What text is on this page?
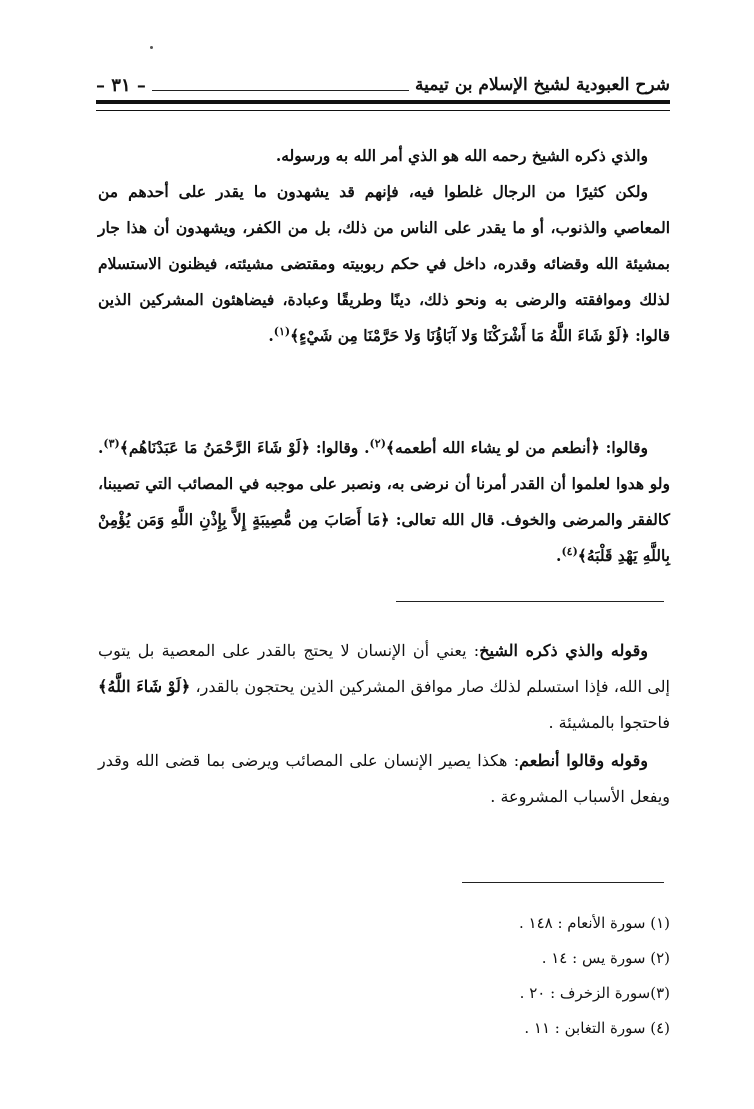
شرح العبودية لشيخ الإسلام بن تيمية
– ٣١ –

والذي ذكره الشيخ رحمه الله هو الذي أمر الله به ورسوله.

ولكن كثيرًا من الرجال غلطوا فيه، فإنهم قد يشهدون ما يقدر على أحدهم من المعاصي والذنوب، أو ما يقدر على الناس من ذلك، بل من الكفر، ويشهدون أن هذا جار بمشيئة الله وقضائه وقدره، داخل في حكم ربوبيته ومقتضى مشيئته، فيظنون الاستسلام لذلك وموافقته والرضى به ونحو ذلك، دينًا وطريقًا وعبادة، فيضاهئون المشركين الذين قالوا: ﴿لَوْ شَاءَ اللَّهُ مَا أَشْرَكْنَا وَلا آبَاؤُنَا وَلا حَرَّمْنَا مِن شَيْءٍ﴾$^{(١)}$.

وقالوا: ﴿أنطعم من لو يشاء الله أطعمه﴾$^{(٢)}$. وقالوا: ﴿لَوْ شَاءَ الرَّحْمَنُ مَا عَبَدْنَاهُم﴾$^{(٣)}$. ولو هدوا لعلموا أن القدر أمرنا أن نرضى به، ونصبر على موجبه في المصائب التي تصيبنا، كالفقر والمرضى والخوف. قال الله تعالى: ﴿مَا أَصَابَ مِن مُّصِيبَةٍ إِلاَّ بِإِذْنِ اللَّهِ وَمَن يُؤْمِنْ بِاللَّهِ يَهْدِ قَلْبَهُ﴾$^{(٤)}$.

وقوله والذي ذكره الشيخ: يعني أن الإنسان لا يحتج بالقدر على المعصية بل يتوب إلى الله، فإذا استسلم لذلك صار موافق المشركين الذين يحتجون بالقدر، ﴿لَوْ شَاءَ اللَّهُ﴾ فاحتجوا بالمشيئة .

وقوله وقالوا أنطعم: هكذا يصير الإنسان على المصائب ويرضى بما قضى الله وقدر ويفعل الأسباب المشروعة .

(١) سورة الأنعام : ١٤٨ .
(٢) سورة يس : ١٤ .
(٣)سورة الزخرف : ٢٠ .
(٤) سورة التغابن : ١١ .
